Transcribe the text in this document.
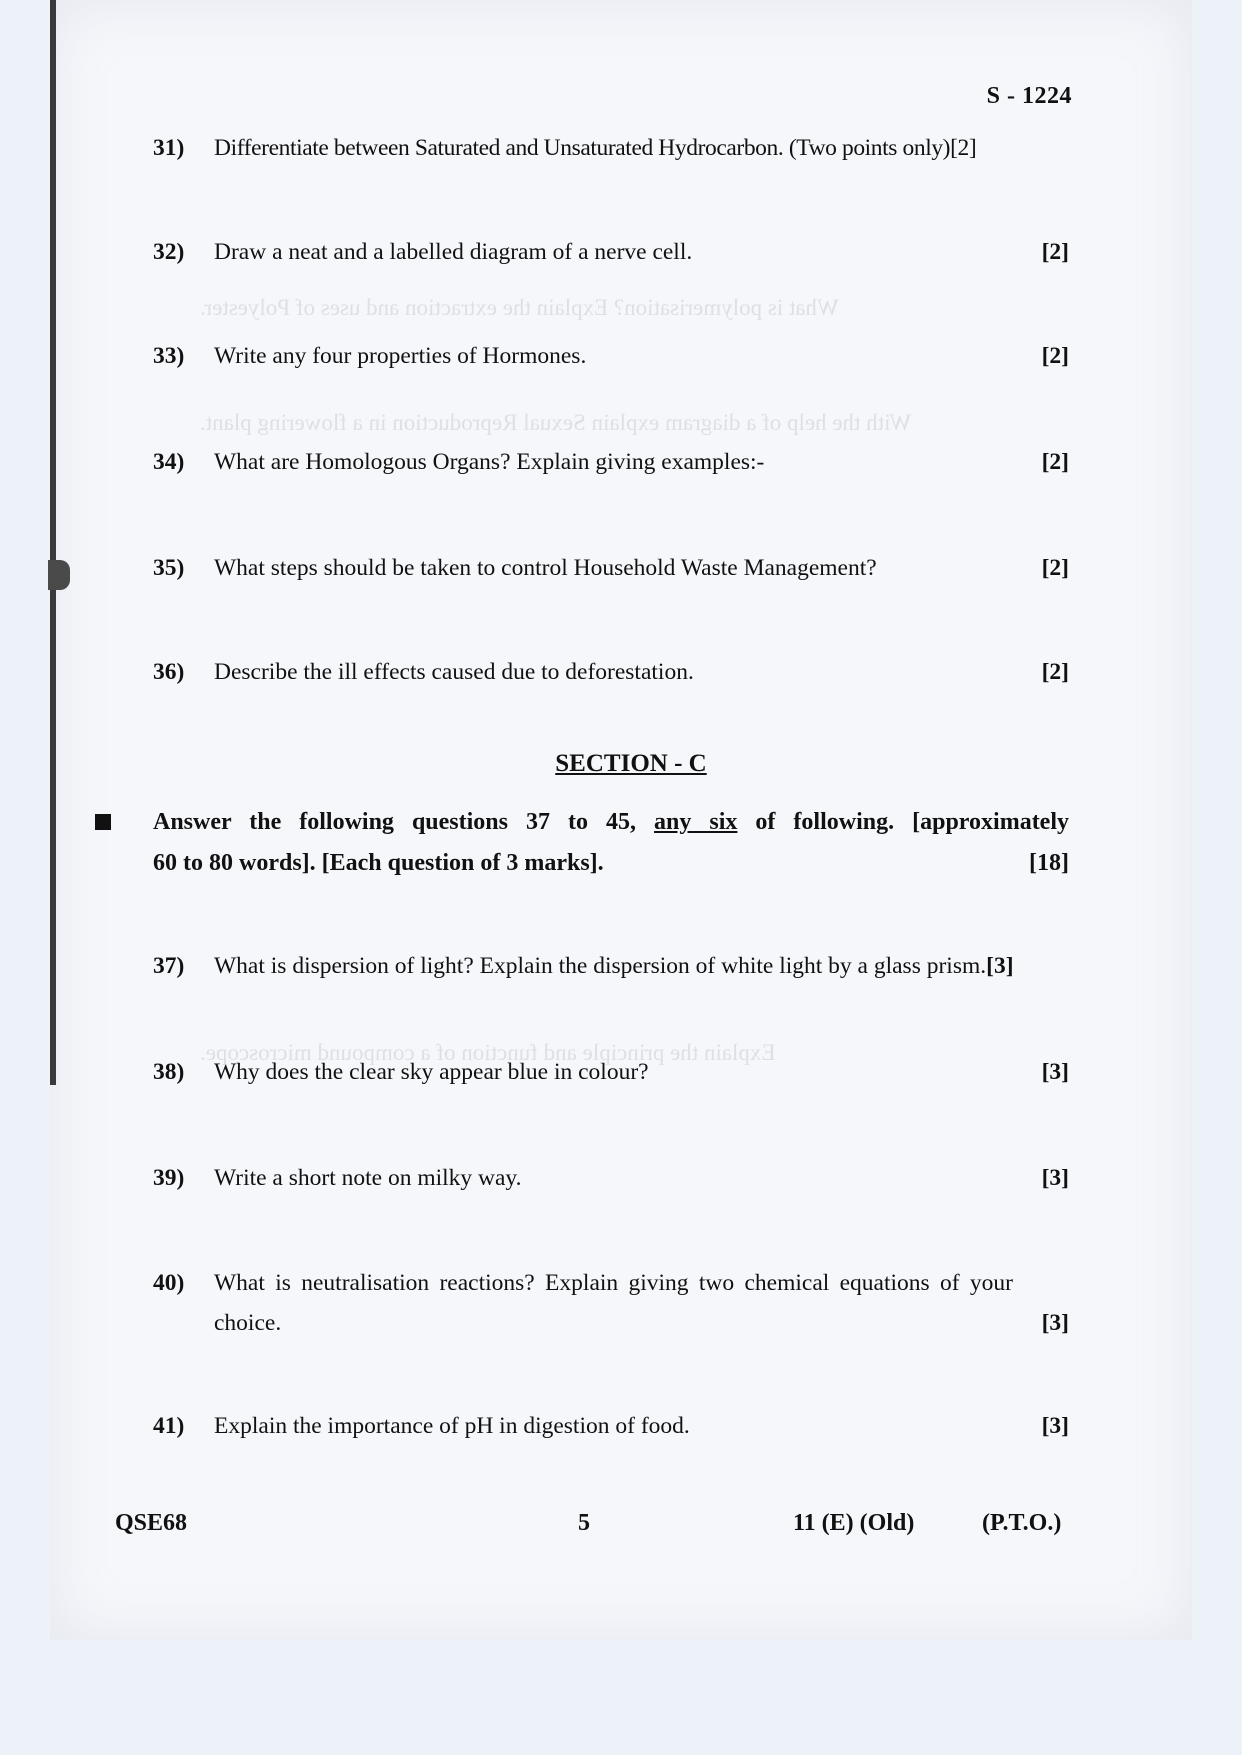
What is polymerisation? Explain the extraction and uses of Polyester.
With the help of a diagram explain Sexual Reproduction in a flowering plant.
Explain the principle and function of a compound microscope.
S - 1224
31) Differentiate between Saturated and Unsaturated Hydrocarbon. (Two points only)[2]
32) Draw a neat and a labelled diagram of a nerve cell.	[2]
33) Write any four properties of Hormones.	[2]
34) What are Homologous Organs? Explain giving examples:-	[2]
35) What steps should be taken to control Household Waste Management?	[2]
36) Describe the ill effects caused due to deforestation.	[2]
SECTION - C
Answer the following questions 37 to 45, any six of following. [approximately
60 to 80 words]. [Each question of 3 marks].	[18]
37) What is dispersion of light? Explain the dispersion of white light by a glass prism.[3]
38) Why does the clear sky appear blue in colour?	[3]
39) Write a short note on milky way.	[3]
40) What is neutralisation reactions? Explain giving two chemical equations of your choice.	[3]
41) Explain the importance of pH in digestion of food.	[3]
QSE68	5	11 (E) (Old)	(P.T.O.)
